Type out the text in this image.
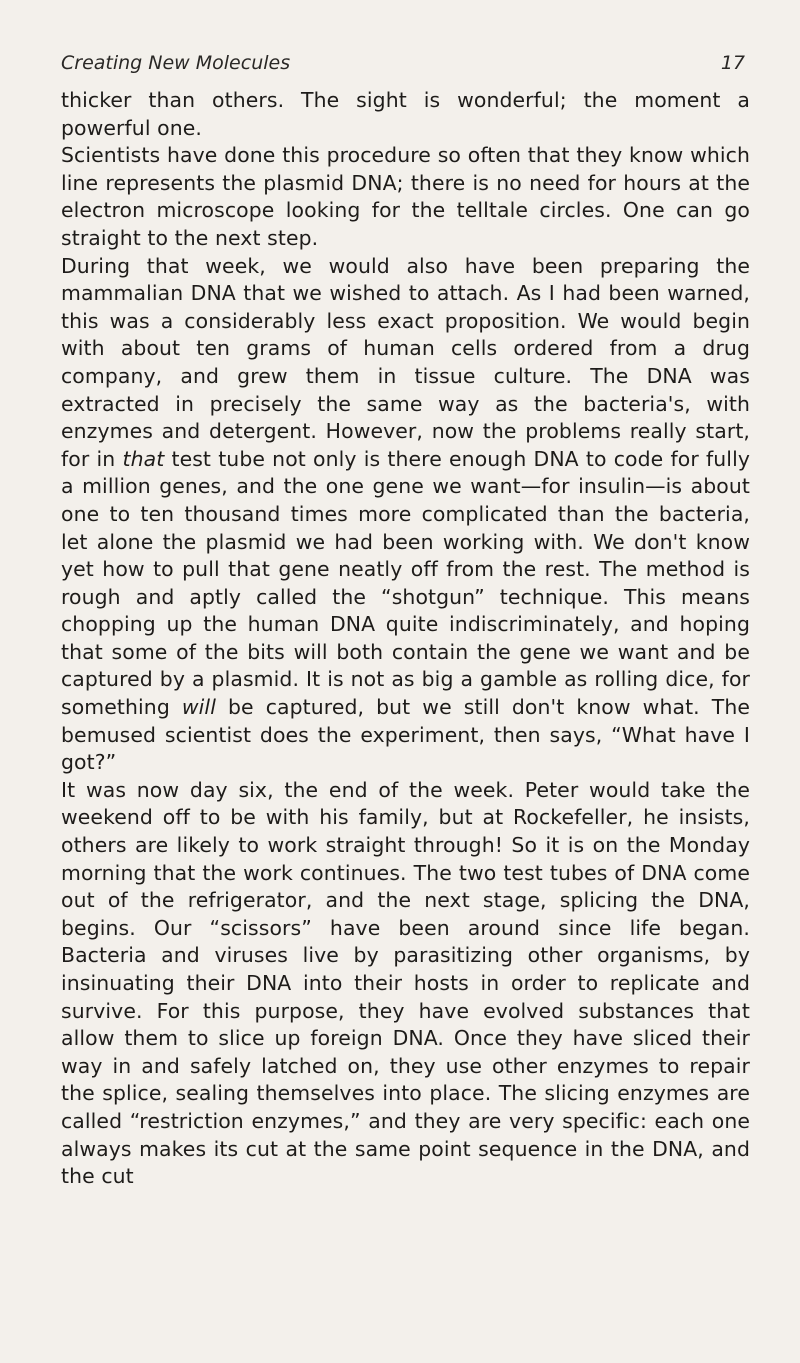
Creating New Molecules	17

thicker than others. The sight is wonderful; the moment a powerful one.

Scientists have done this procedure so often that they know which line represents the plasmid DNA; there is no need for hours at the electron microscope looking for the telltale circles. One can go straight to the next step.

During that week, we would also have been preparing the mammalian DNA that we wished to attach. As I had been warned, this was a considerably less exact proposition. We would begin with about ten grams of human cells ordered from a drug company, and grew them in tissue culture. The DNA was extracted in precisely the same way as the bacteria's, with enzymes and detergent. However, now the problems really start, for in that test tube not only is there enough DNA to code for fully a million genes, and the one gene we want—for insulin—is about one to ten thousand times more complicated than the bacteria, let alone the plasmid we had been working with. We don't know yet how to pull that gene neatly off from the rest. The method is rough and aptly called the “shotgun” technique. This means chopping up the human DNA quite indiscriminately, and hoping that some of the bits will both contain the gene we want and be captured by a plasmid. It is not as big a gamble as rolling dice, for something will be captured, but we still don't know what. The bemused scientist does the experiment, then says, “What have I got?”

It was now day six, the end of the week. Peter would take the weekend off to be with his family, but at Rockefeller, he insists, others are likely to work straight through! So it is on the Monday morning that the work continues. The two test tubes of DNA come out of the refrigerator, and the next stage, splicing the DNA, begins. Our “scissors” have been around since life began. Bacteria and viruses live by parasitizing other organisms, by insinuating their DNA into their hosts in order to replicate and survive. For this purpose, they have evolved substances that allow them to slice up foreign DNA. Once they have sliced their way in and safely latched on, they use other enzymes to repair the splice, sealing themselves into place. The slicing enzymes are called “restriction enzymes,” and they are very specific: each one always makes its cut at the same point sequence in the DNA, and the cut
